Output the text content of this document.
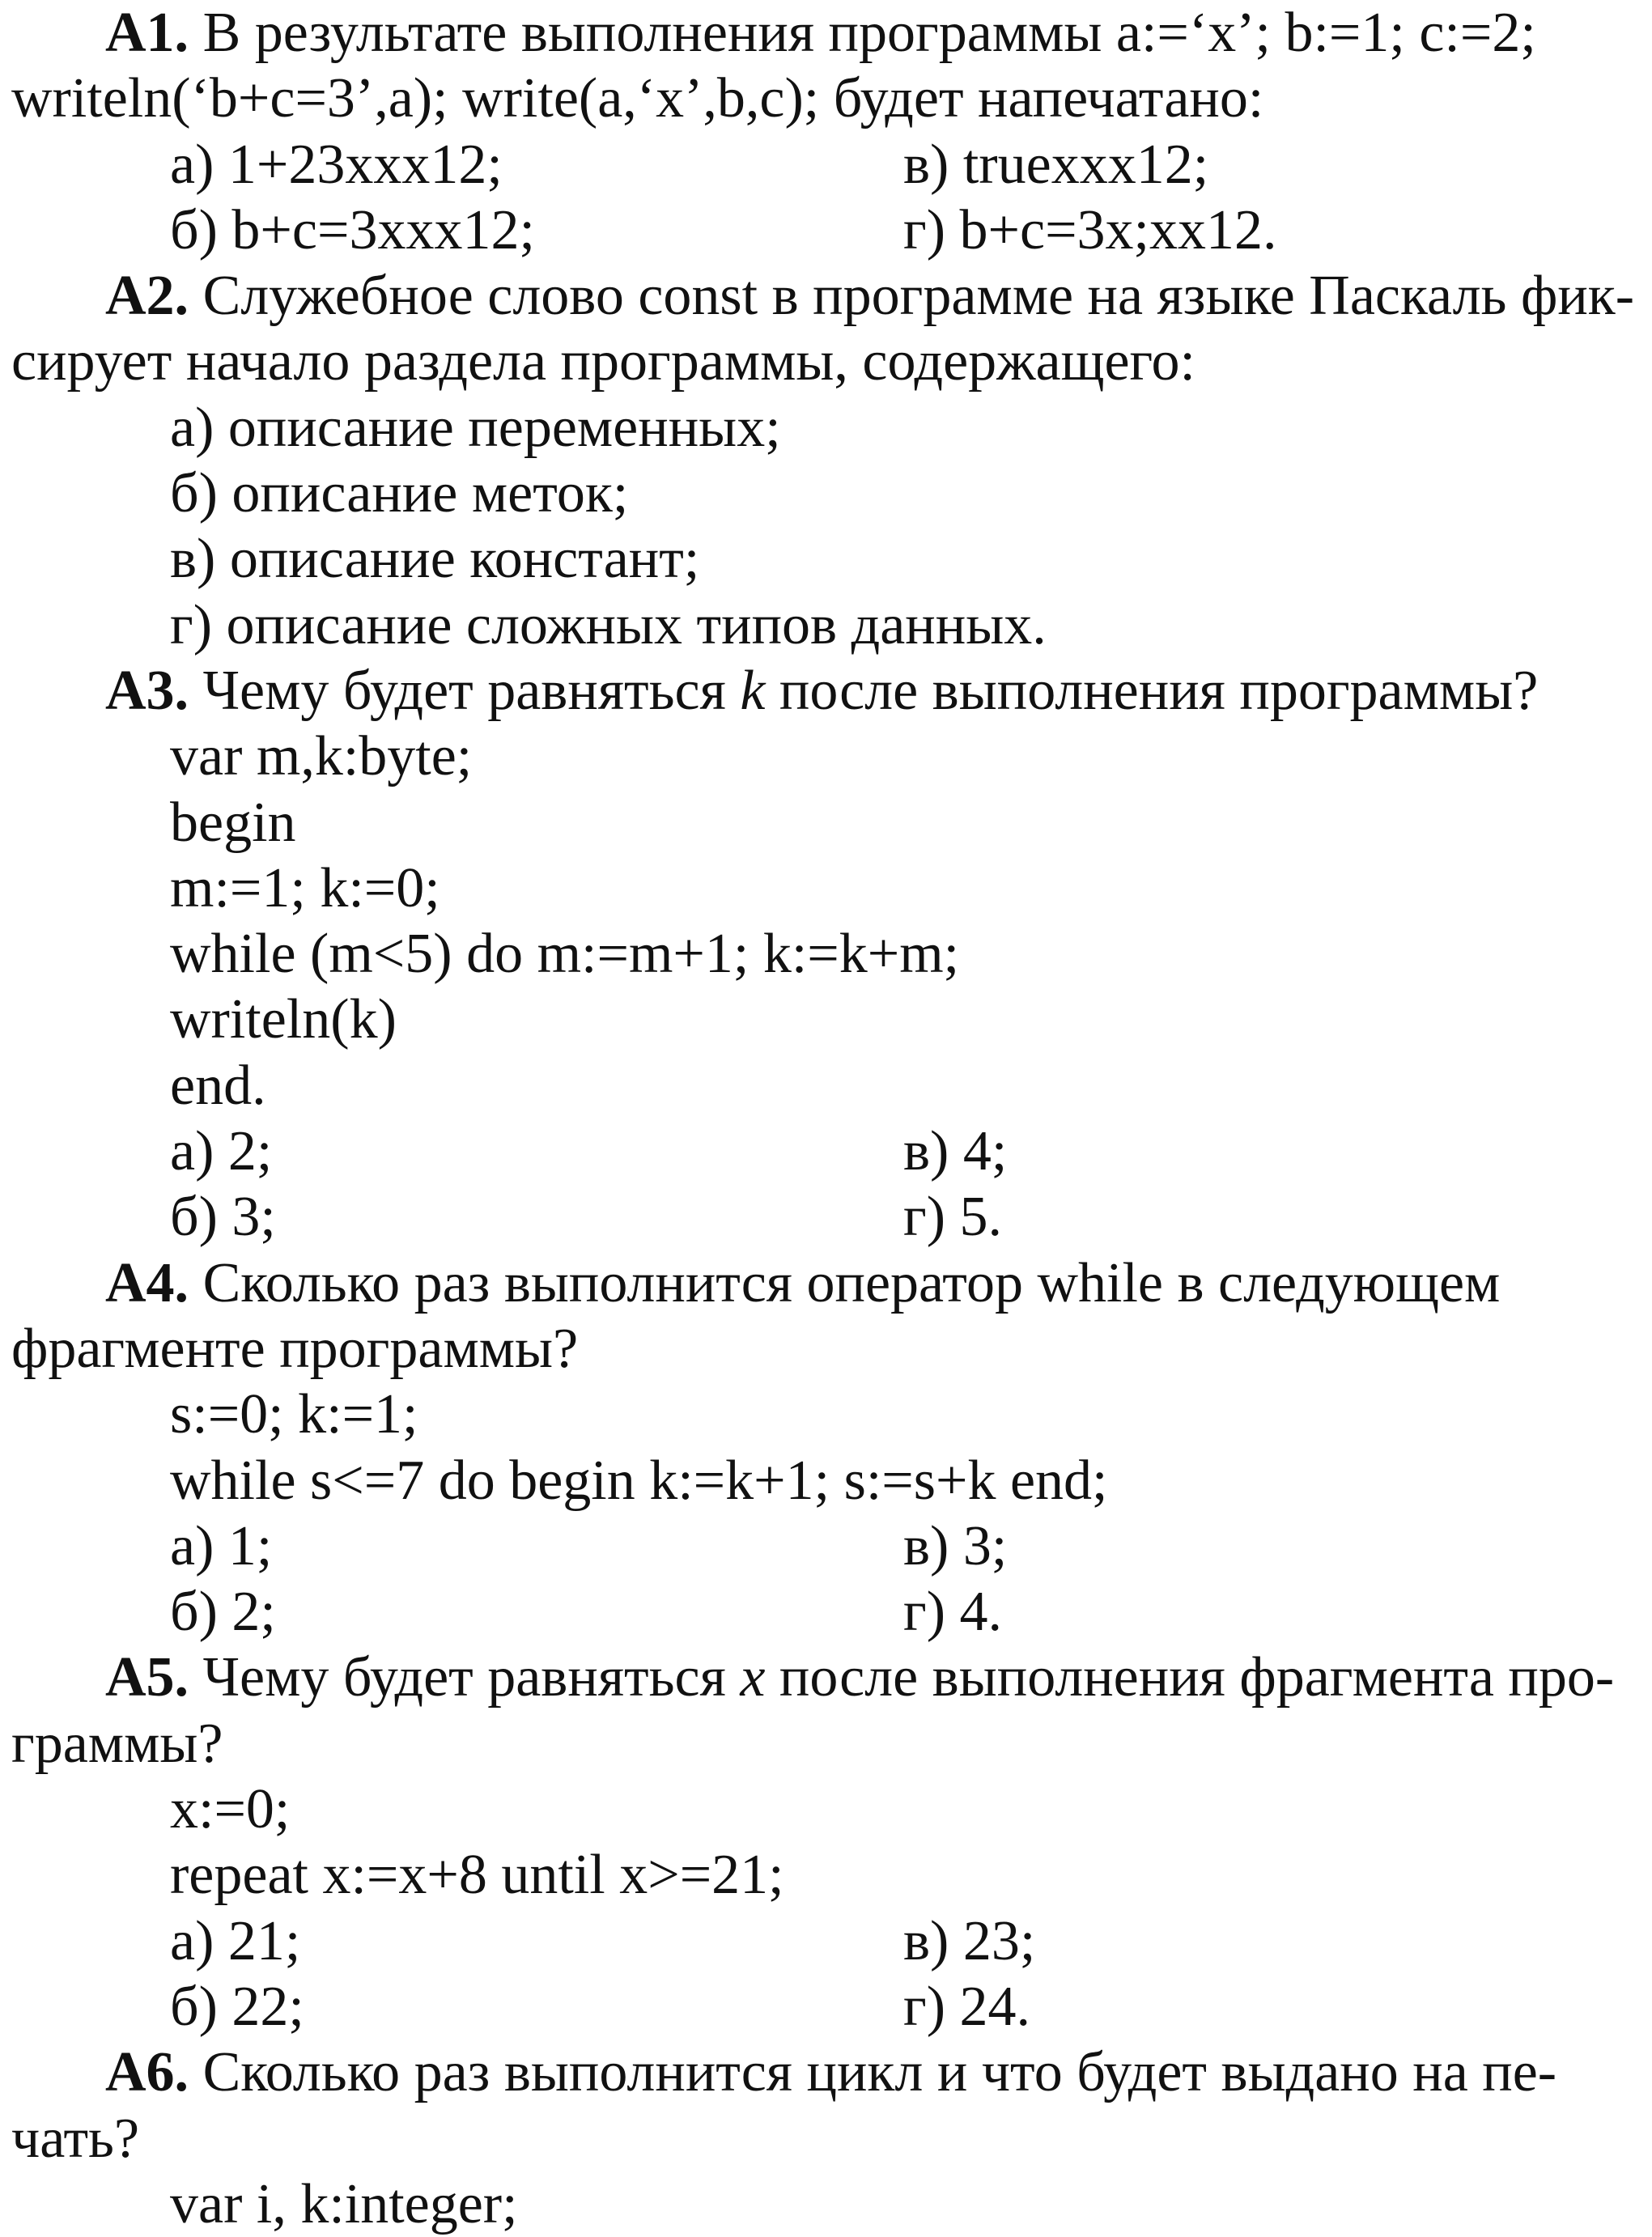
А1. В результате выполнения программы a:=‘x’; b:=1; c:=2;

writeln(‘b+c=3’,a); write(a,‘x’,b,c); будет напечатано:

а) 1+23xxx12;	в) truexxx12;
б) b+c=3xxx12;	г) b+c=3x;xx12.

А2. Служебное слово const в программе на языке Паскаль фик-

сирует начало раздела программы, содержащего:

а) описание переменных;
б) описание меток;
в) описание констант;
г) описание сложных типов данных.

А3. Чему будет равняться k после выполнения программы?

var m,k:byte;
begin
m:=1; k:=0;
while (m<5) do m:=m+1; k:=k+m;
writeln(k)
end.
а) 2;	в) 4;
б) 3;	г) 5.

А4. Сколько раз выполнится оператор while в следующем

фрагменте программы?

s:=0; k:=1;
while s<=7 do begin k:=k+1; s:=s+k end;
а) 1;	в) 3;
б) 2;	г) 4.

А5. Чему будет равняться x после выполнения фрагмента про-

граммы?

x:=0;
repeat x:=x+8 until x>=21;
а) 21;	в) 23;
б) 22;	г) 24.

А6. Сколько раз выполнится цикл и что будет выдано на пе-

чать?

var i, k:integer;
